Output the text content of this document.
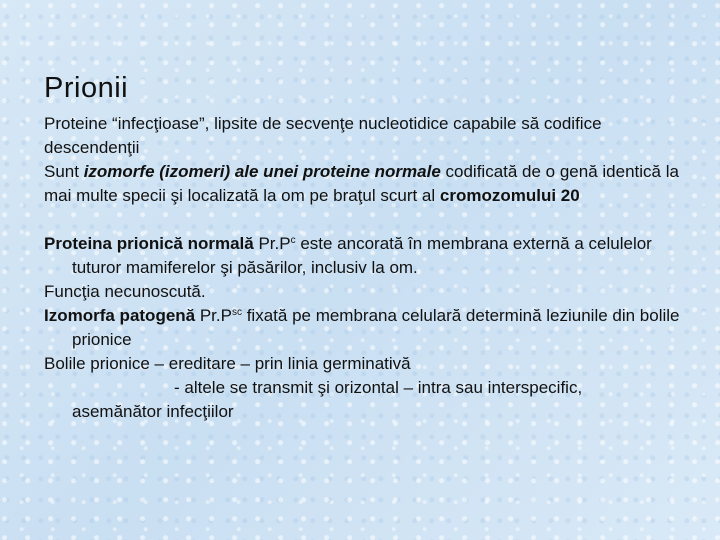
Prionii

Proteine “infecţioase”, lipsite de secvenţe nucleotidice capabile să codifice descendenţii

Sunt izomorfe (izomeri) ale unei proteine normale codificată de o genă identică la mai multe specii şi localizată la om pe braţul scurt al cromozomului 20

Proteina prionică normală $Pr.P^c$ este ancorată în membrana externă a celulelor tuturor mamiferelor şi păsărilor, inclusiv la om.

Funcţia necunoscută.

Izomorfa patogenă $Pr.P^{sc}$ fixată pe membrana celulară determină leziunile din bolile prionice

Bolile prionice – ereditare – prin linia germinativă

- altele se transmit şi orizontal – intra sau interspecific,

asemănător infecţiilor
